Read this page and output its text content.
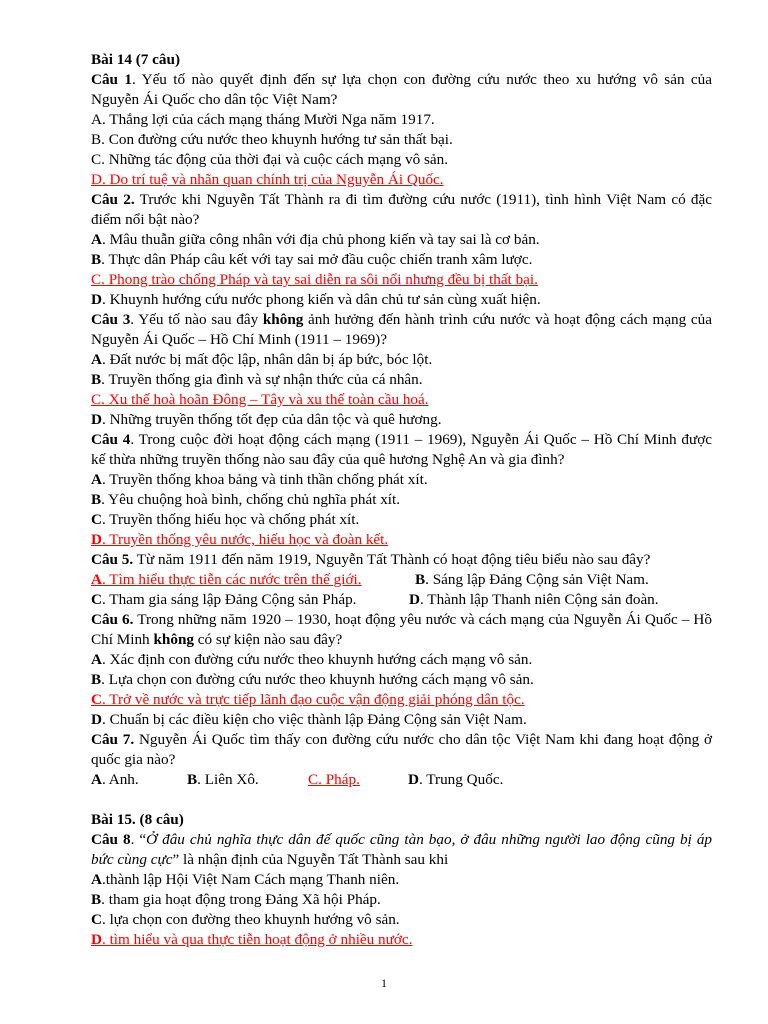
Bài 14 (7 câu)

Câu 1. Yếu tố nào quyết định đến sự lựa chọn con đường cứu nước theo xu hướng vô sản của Nguyễn Ái Quốc cho dân tộc Việt Nam?

A. Thắng lợi của cách mạng tháng Mười Nga năm 1917.

B. Con đường cứu nước theo khuynh hướng tư sản thất bại.

C. Những tác động của thời đại và cuộc cách mạng vô sản.

D. Do trí tuệ và nhãn quan chính trị của Nguyễn Ái Quốc.

Câu 2. Trước khi Nguyễn Tất Thành ra đi tìm đường cứu nước (1911), tình hình Việt Nam có đặc điểm nổi bật nào?

A. Mâu thuẫn giữa công nhân với địa chủ phong kiến và tay sai là cơ bản.

B. Thực dân Pháp câu kết với tay sai mở đầu cuộc chiến tranh xâm lược.

C. Phong trào chống Pháp và tay sai diễn ra sôi nổi nhưng đều bị thất bại.

D. Khuynh hướng cứu nước phong kiến và dân chủ tư sản cùng xuất hiện.

Câu 3. Yếu tố nào sau đây không ảnh hưởng đến hành trình cứu nước và hoạt động cách mạng của Nguyễn Ái Quốc – Hồ Chí Minh (1911 – 1969)?

A. Đất nước bị mất độc lập, nhân dân bị áp bức, bóc lột.

B. Truyền thống gia đình và sự nhận thức của cá nhân.

C. Xu thế hoà hoãn Đông – Tây và xu thế toàn cầu hoá.

D. Những truyền thống tốt đẹp của dân tộc và quê hương.

Câu 4. Trong cuộc đời hoạt động cách mạng (1911 – 1969), Nguyễn Ái Quốc – Hồ Chí Minh được kế thừa những truyền thống nào sau đây của quê hương Nghệ An và gia đình?

A. Truyền thống khoa bảng và tinh thần chống phát xít.

B. Yêu chuộng hoà bình, chống chủ nghĩa phát xít.

C. Truyền thống hiếu học và chống phát xít.

D. Truyền thống yêu nước, hiếu học và đoàn kết.

Câu 5. Từ năm 1911 đến năm 1919, Nguyễn Tất Thành có hoạt động tiêu biểu nào sau đây?

A. Tìm hiểu thực tiễn các nước trên thế giới.	B. Sáng lập Đảng Cộng sản Việt Nam.
C. Tham gia sáng lập Đảng Cộng sản Pháp.	D. Thành lập Thanh niên Cộng sản đoàn.

Câu 6. Trong những năm 1920 – 1930, hoạt động yêu nước và cách mạng của Nguyễn Ái Quốc – Hồ Chí Minh không có sự kiện nào sau đây?

A. Xác định con đường cứu nước theo khuynh hướng cách mạng vô sản.

B. Lựa chọn con đường cứu nước theo khuynh hướng cách mạng vô sản.

C. Trở về nước và trực tiếp lãnh đạo cuộc vận động giải phóng dân tộc.

D. Chuẩn bị các điều kiện cho việc thành lập Đảng Cộng sản Việt Nam.

Câu 7. Nguyễn Ái Quốc tìm thấy con đường cứu nước cho dân tộc Việt Nam khi đang hoạt động ở quốc gia nào?

A. Anh.	B. Liên Xô.	C. Pháp.	D. Trung Quốc.

Bài 15. (8 câu)

Câu 8. “Ở đâu chủ nghĩa thực dân đế quốc cũng tàn bạo, ở đâu những người lao động cũng bị áp bức cùng cực” là nhận định của Nguyễn Tất Thành sau khi

A.thành lập Hội Việt Nam Cách mạng Thanh niên.

B. tham gia hoạt động trong Đảng Xã hội Pháp.

C. lựa chọn con đường theo khuynh hướng vô sản.

D. tìm hiểu và qua thực tiễn hoạt động ở nhiều nước.

1
